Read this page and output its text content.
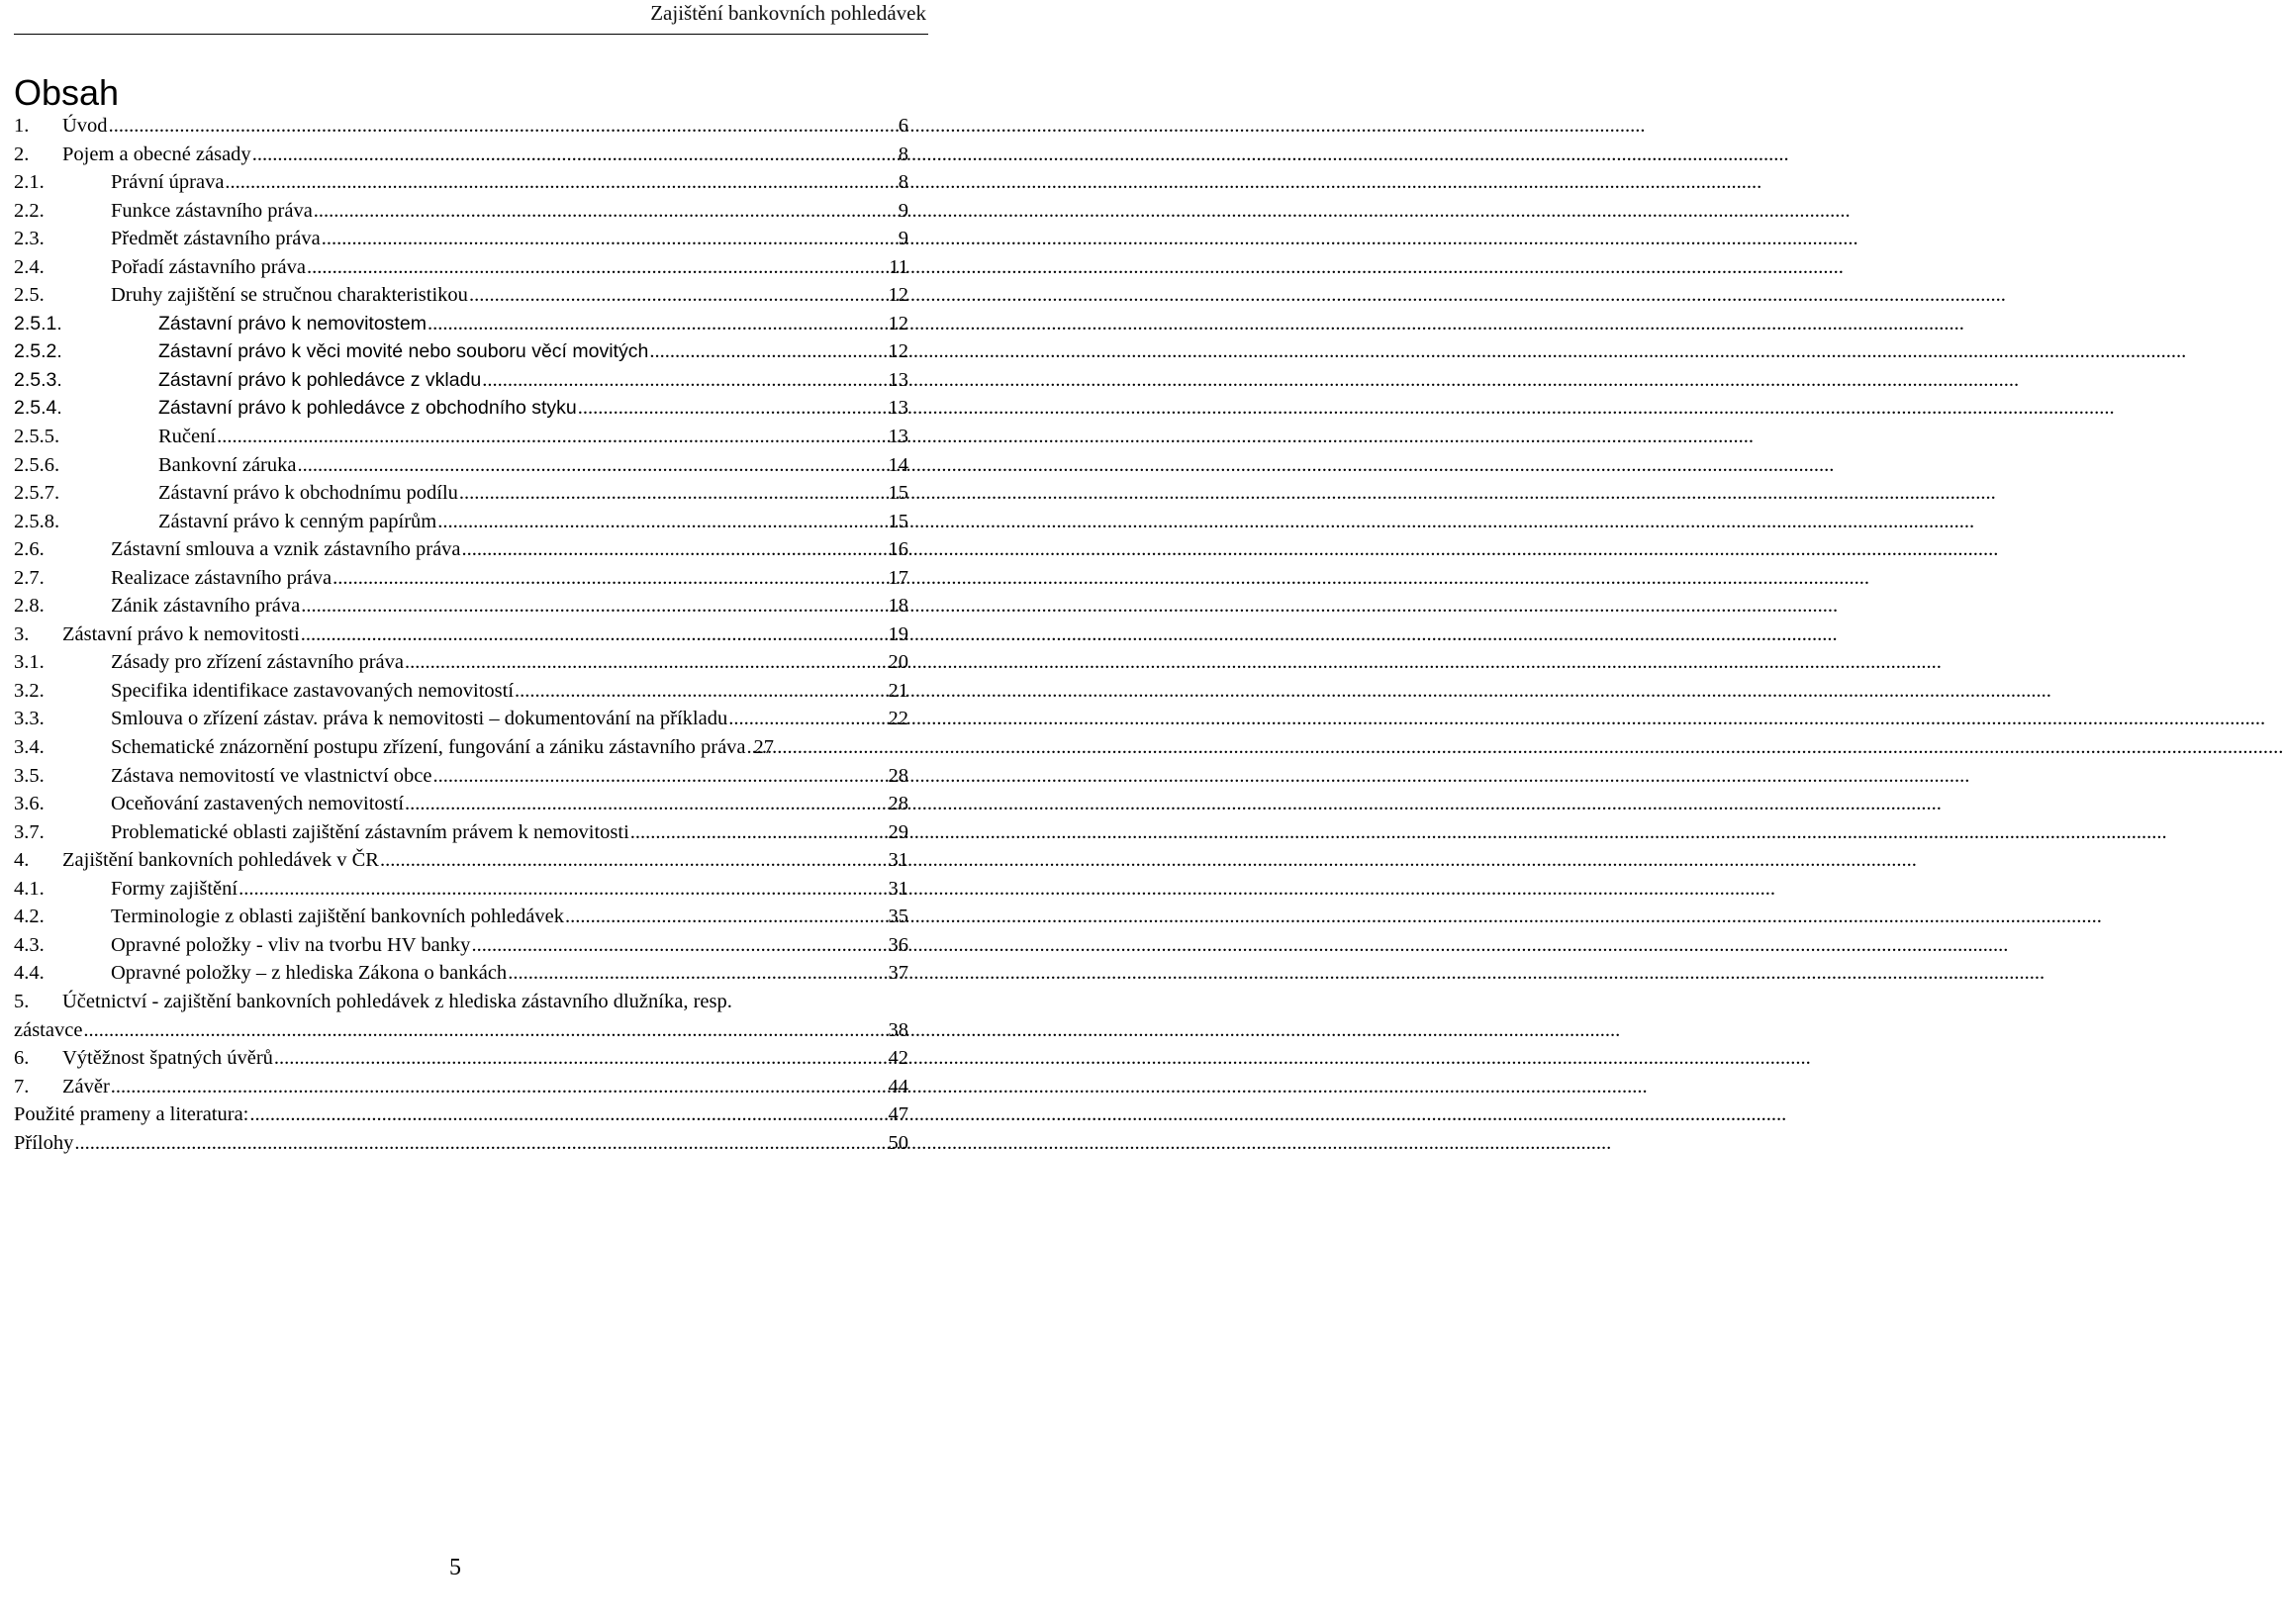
Zajištění bankovních pohledávek
Obsah
1.	Úvod .....	6
2.	Pojem a obecné zásady .....	8
2.1.	Právní úprava .....	8
2.2.	Funkce zástavního práva .....	9
2.3.	Předmět zástavního práva .....	9
2.4.	Pořadí zástavního práva .....	11
2.5.	Druhy zajištění se stručnou charakteristikou .....	12
2.5.1.	Zástavní právo k nemovitostem .....	12
2.5.2.	Zástavní právo k věci movité nebo souboru věcí movitých .....	12
2.5.3.	Zástavní právo k pohledávce z vkladu .....	13
2.5.4.	Zástavní právo k pohledávce z obchodního styku .....	13
2.5.5.	Ručení .....	13
2.5.6.	Bankovní záruka .....	14
2.5.7.	Zástavní právo k obchodnímu podílu .....	15
2.5.8.	Zástavní právo k cenným papírům .....	15
2.6.	Zástavní smlouva a vznik zástavního práva .....	16
2.7.	Realizace zástavního práva .....	17
2.8.	Zánik zástavního práva .....	18
3.	Zástavní právo k nemovitosti .....	19
3.1.	Zásady pro zřízení zástavního práva .....	20
3.2.	Specifika identifikace zastavovaných nemovitostí .....	21
3.3.	Smlouva o zřízení zástav. práva k nemovitosti – dokumentování na příkladu .....	22
3.4.	Schematické znázornění postupu zřízení, fungování a zániku zástavního práva ..... 27
3.5.	Zástava nemovitostí ve vlastnictví obce .....	28
3.6.	Oceňování zastavených nemovitostí .....	28
3.7.	Problematické oblasti zajištění zástavním právem k nemovitosti .....	29
4.	Zajištění bankovních pohledávek v ČR .....	31
4.1.	Formy zajištění .....	31
4.2.	Terminologie z oblasti zajištění bankovních pohledávek .....	35
4.3.	Opravné položky - vliv na tvorbu HV banky .....	36
4.4.	Opravné položky – z hlediska Zákona o bankách .....	37
5.	Účetnictví - zajištění bankovních pohledávek z hlediska zástavního dlužníka, resp.
zástavce .....	38
6.	Výtěžnost špatných úvěrů .....	42
7.	Závěr .....	44
Použité prameny a literatura: .....	47
Přílohy .....	50
5
